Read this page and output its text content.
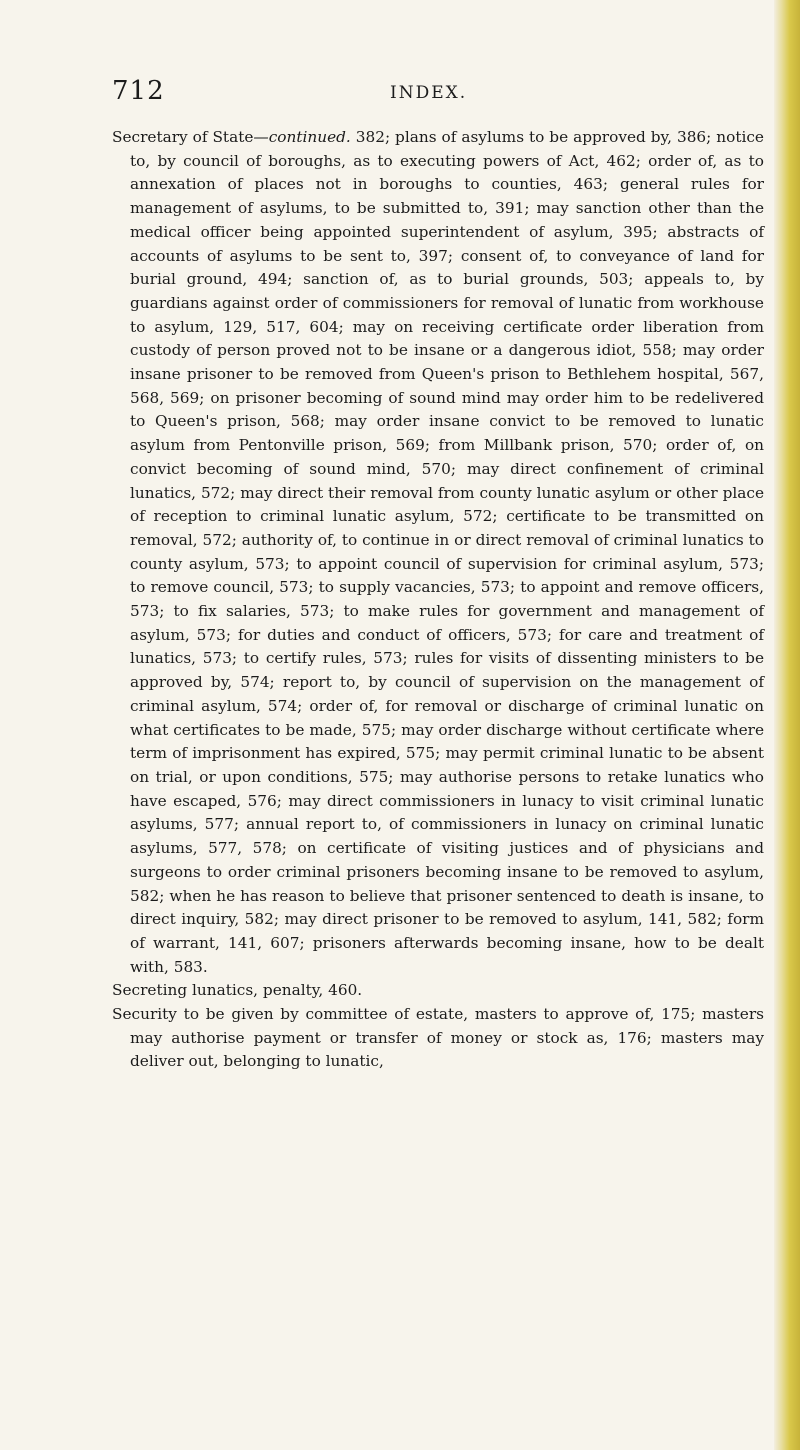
712	INDEX.

Secretary of State—continued. 382; plans of asylums to be approved by, 386; notice to, by council of boroughs, as to executing powers of Act, 462; order of, as to annexation of places not in boroughs to counties, 463; general rules for management of asylums, to be submitted to, 391; may sanction other than the medical officer being appointed superintendent of asylum, 395; abstracts of accounts of asylums to be sent to, 397; consent of, to conveyance of land for burial ground, 494; sanction of, as to burial grounds, 503; appeals to, by guardians against order of commissioners for removal of lunatic from workhouse to asylum, 129, 517, 604; may on receiving certificate order liberation from custody of person proved not to be insane or a dangerous idiot, 558; may order insane prisoner to be removed from Queen's prison to Bethlehem hospital, 567, 568, 569; on prisoner becoming of sound mind may order him to be redelivered to Queen's prison, 568; may order insane convict to be removed to lunatic asylum from Pentonville prison, 569; from Millbank prison, 570; order of, on convict becoming of sound mind, 570; may direct confinement of criminal lunatics, 572; may direct their removal from county lunatic asylum or other place of reception to criminal lunatic asylum, 572; certificate to be transmitted on removal, 572; authority of, to continue in or direct removal of criminal lunatics to county asylum, 573; to appoint council of supervision for criminal asylum, 573; to remove council, 573; to supply vacancies, 573; to appoint and remove officers, 573; to fix salaries, 573; to make rules for government and management of asylum, 573; for duties and conduct of officers, 573; for care and treatment of lunatics, 573; to certify rules, 573; rules for visits of dissenting ministers to be approved by, 574; report to, by council of supervision on the management of criminal asylum, 574; order of, for removal or discharge of criminal lunatic on what certificates to be made, 575; may order discharge without certificate where term of imprisonment has expired, 575; may permit criminal lunatic to be absent on trial, or upon conditions, 575; may authorise persons to retake lunatics who have escaped, 576; may direct commissioners in lunacy to visit criminal lunatic asylums, 577; annual report to, of commissioners in lunacy on criminal lunatic asylums, 577, 578; on certificate of visiting justices and of physicians and surgeons to order criminal prisoners becoming insane to be removed to asylum, 582; when he has reason to believe that prisoner sentenced to death is insane, to direct inquiry, 582; may direct prisoner to be removed to asylum, 141, 582; form of warrant, 141, 607; prisoners afterwards becoming insane, how to be dealt with, 583.

Secreting lunatics, penalty, 460.

Security to be given by committee of estate, masters to approve of, 175; masters may authorise payment or transfer of money or stock as, 176; masters may deliver out, belonging to lunatic,
